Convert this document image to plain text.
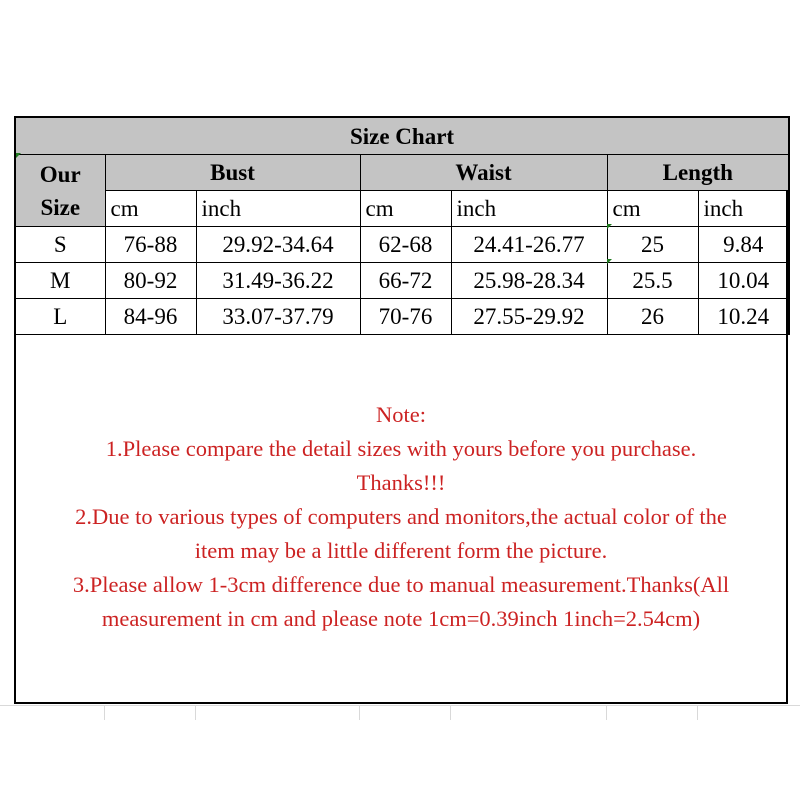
Size Chart						

Our
Size	Bust		Waist		Length	
	cm	inch	cm	inch	cm	inch
S	76-88	29.92-34.64	62-68	24.41-26.77	25	9.84
M	80-92	31.49-36.22	66-72	25.98-28.34	25.5	10.04
L	84-96	33.07-37.79	70-76	27.55-29.92	26	10.24
Note:
1.Please compare the detail sizes with yours before you purchase.
Thanks!!!
2.Due to various types of computers and monitors,the actual color of the
item may be a little different form the picture.
3.Please allow 1-3cm difference due to manual measurement.Thanks(All
measurement in cm and please note 1cm=0.39inch 1inch=2.54cm)
